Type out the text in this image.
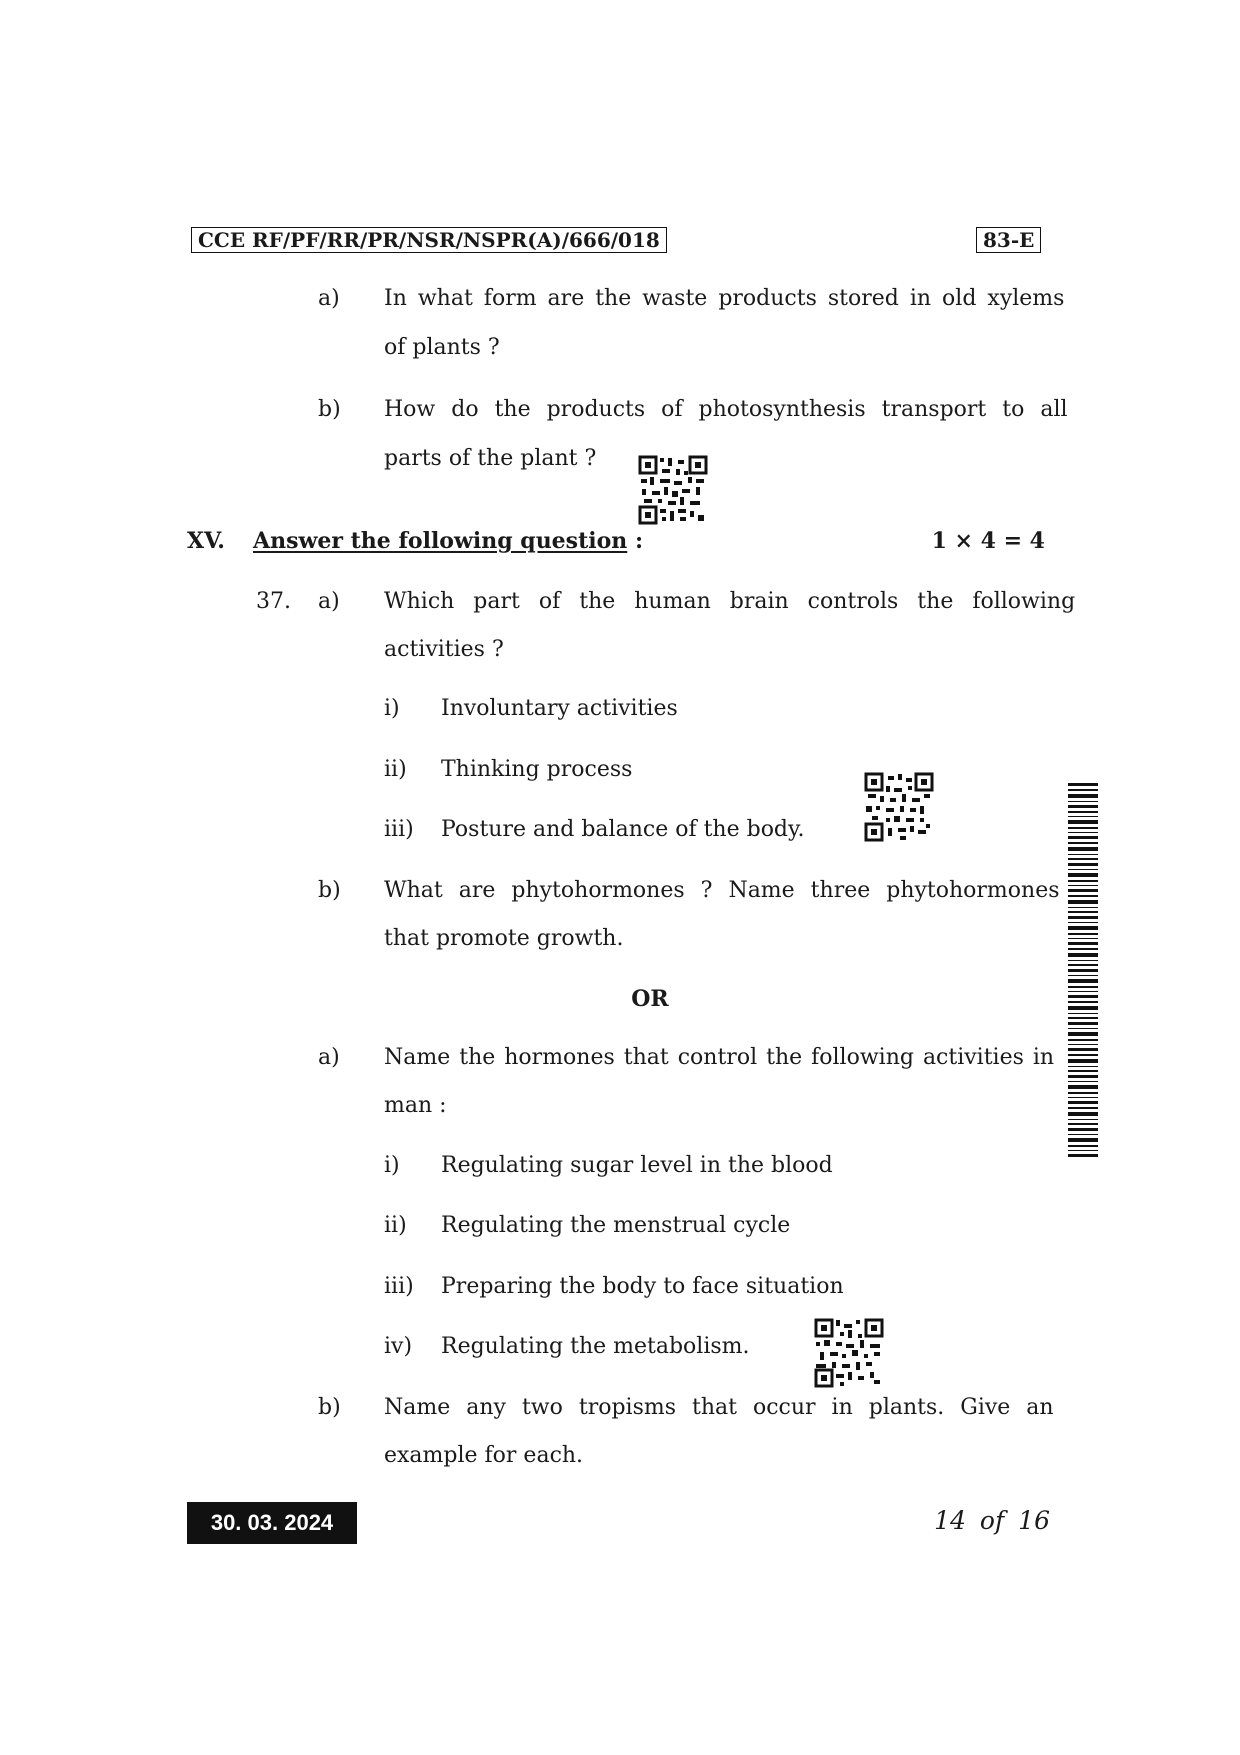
CCE RF/PF/RR/PR/NSR/NSPR(A)/666/018	83-E
a) In what form are the waste products stored in old xylems
of plants ?
b) How do the products of photosynthesis transport to all
parts of the plant ?
XV. Answer the following question :	1 × 4 = 4
37. a) Which part of the human brain controls the following
activities ?
i) Involuntary activities
ii) Thinking process
iii) Posture and balance of the body.
b) What are phytohormones ? Name three phytohormones
that promote growth.
OR
a) Name the hormones that control the following activities in
man :
i) Regulating sugar level in the blood
ii) Regulating the menstrual cycle
iii) Preparing the body to face situation
iv) Regulating the metabolism.
b) Name any two tropisms that occur in plants. Give an
example for each.
30. 03. 2024	14 of 16
